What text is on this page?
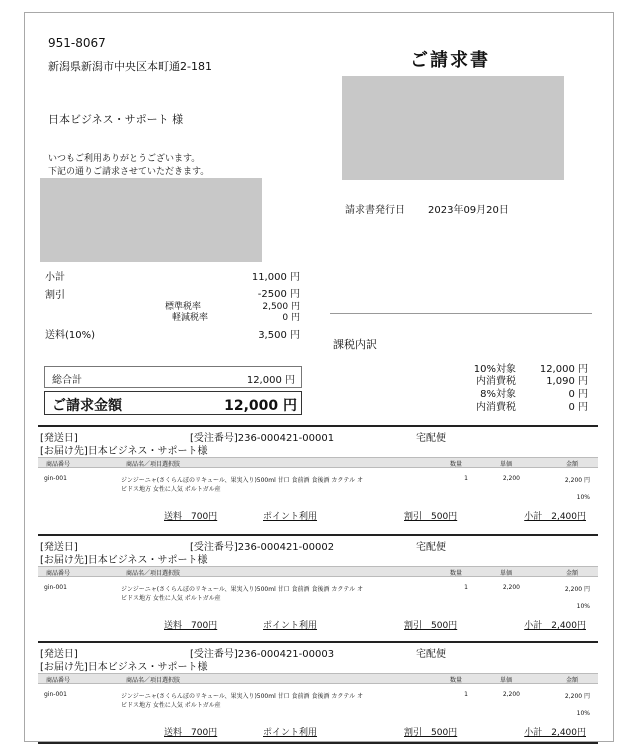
951-8067
新潟県新潟市中央区本町通2-181
日本ビジネス・サポート 様
いつもご利用ありがとうございます。
下記の通りご請求させていただきます。
ご請求書
請求書発行日 2023年09月20日
小計	11,000 円
割引	-2500 円
標準税率	2,500 円
軽減税率	0 円
送料(10%)	3,500 円
総合計	12,000 円
ご請求金額	12,000 円
課税内訳
10%対象	12,000 円
内消費税	1,090 円
8%対象	0 円
内消費税	0 円
[発送日]	[受注番号]236-000421-00001	宅配便
[お届け先]日本ビジネス・サポート様
商品番号	商品名／項目選択肢	数量	単価	金額
gin-001	ジンジーニャ(さくらんぼのリキュール、果実入り)500ml 甘口 食前酒 食後酒 カクテル オ
ビドス地方 女性に人気 ポルトガル産
1	2,200	2,200 円
10%
送料　700円	ポイント利用	割引　500円	小計　2,400円
[発送日]	[受注番号]236-000421-00002	宅配便
[お届け先]日本ビジネス・サポート様
商品番号	商品名／項目選択肢	数量	単価	金額
gin-001	ジンジーニャ(さくらんぼのリキュール、果実入り)500ml 甘口 食前酒 食後酒 カクテル オ
ビドス地方 女性に人気 ポルトガル産
1	2,200	2,200 円
10%
送料　700円	ポイント利用	割引　500円	小計　2,400円
[発送日]	[受注番号]236-000421-00003	宅配便
[お届け先]日本ビジネス・サポート様
商品番号	商品名／項目選択肢	数量	単価	金額
gin-001	ジンジーニャ(さくらんぼのリキュール、果実入り)500ml 甘口 食前酒 食後酒 カクテル オ
ビドス地方 女性に人気 ポルトガル産
1	2,200	2,200 円
10%
送料　700円	ポイント利用	割引　500円	小計　2,400円
